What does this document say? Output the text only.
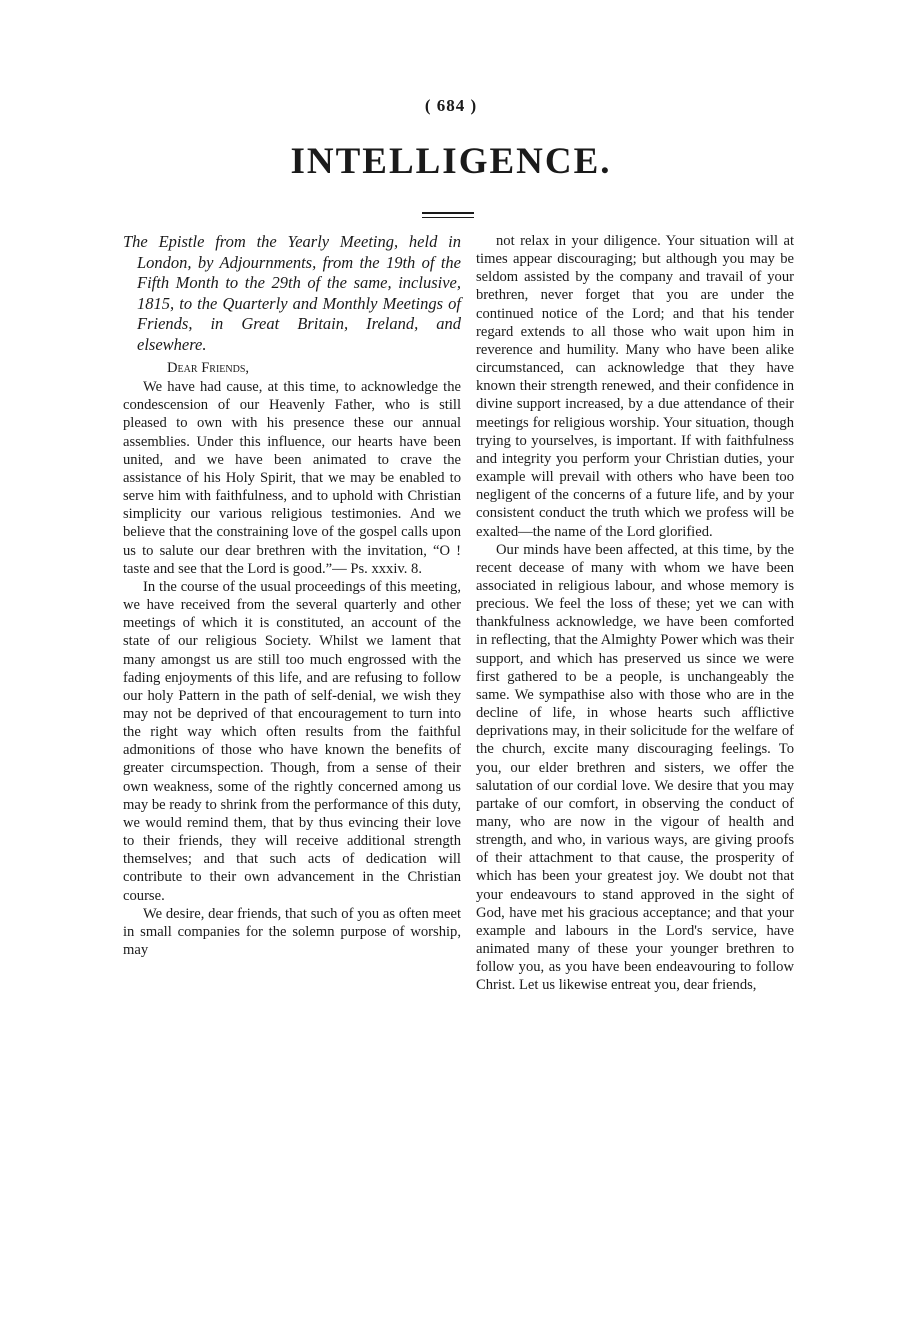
( 684 )
INTELLIGENCE.
The Epistle from the Yearly Meeting, held in London, by Adjournments, from the 19th of the Fifth Month to the 29th of the same, inclusive, 1815, to the Quarterly and Monthly Meetings of Friends, in Great Britain, Ireland, and elsewhere.
Dear Friends,

We have had cause, at this time, to acknowledge the condescension of our Heavenly Father, who is still pleased to own with his presence these our annual assemblies. Under this influence, our hearts have been united, and we have been animated to crave the assistance of his Holy Spirit, that we may be enabled to serve him with faithfulness, and to uphold with Christian simplicity our various religious testimonies. And we believe that the constraining love of the gospel calls upon us to salute our dear brethren with the invitation, “O ! taste and see that the Lord is good.”— Ps. xxxiv. 8.

In the course of the usual proceedings of this meeting, we have received from the several quarterly and other meetings of which it is constituted, an account of the state of our religious Society. Whilst we lament that many amongst us are still too much engrossed with the fading enjoyments of this life, and are refusing to follow our holy Pattern in the path of self-denial, we wish they may not be deprived of that encouragement to turn into the right way which often results from the faithful admonitions of those who have known the benefits of greater circumspection. Though, from a sense of their own weakness, some of the rightly concerned among us may be ready to shrink from the performance of this duty, we would remind them, that by thus evincing their love to their friends, they will receive additional strength themselves; and that such acts of dedication will contribute to their own advancement in the Christian course.

We desire, dear friends, that such of you as often meet in small companies for the solemn purpose of worship, may

not relax in your diligence. Your situation will at times appear discouraging; but although you may be seldom assisted by the company and travail of your brethren, never forget that you are under the continued notice of the Lord; and that his tender regard extends to all those who wait upon him in reverence and humility. Many who have been alike circumstanced, can acknowledge that they have known their strength renewed, and their confidence in divine support increased, by a due attendance of their meetings for religious worship. Your situation, though trying to yourselves, is important. If with faithfulness and integrity you perform your Christian duties, your example will prevail with others who have been too negligent of the concerns of a future life, and by your consistent conduct the truth which we profess will be exalted—the name of the Lord glorified.

Our minds have been affected, at this time, by the recent decease of many with whom we have been associated in religious labour, and whose memory is precious. We feel the loss of these; yet we can with thankfulness acknowledge, we have been comforted in reflecting, that the Almighty Power which was their support, and which has preserved us since we were first gathered to be a people, is unchangeably the same. We sympathise also with those who are in the decline of life, in whose hearts such afflictive deprivations may, in their solicitude for the welfare of the church, excite many discouraging feelings. To you, our elder brethren and sisters, we offer the salutation of our cordial love. We desire that you may partake of our comfort, in observing the conduct of many, who are now in the vigour of health and strength, and who, in various ways, are giving proofs of their attachment to that cause, the prosperity of which has been your greatest joy. We doubt not that your endeavours to stand approved in the sight of God, have met his gracious acceptance; and that your example and labours in the Lord's service, have animated many of these your younger brethren to follow you, as you have been endeavouring to follow Christ. Let us likewise entreat you, dear friends,
